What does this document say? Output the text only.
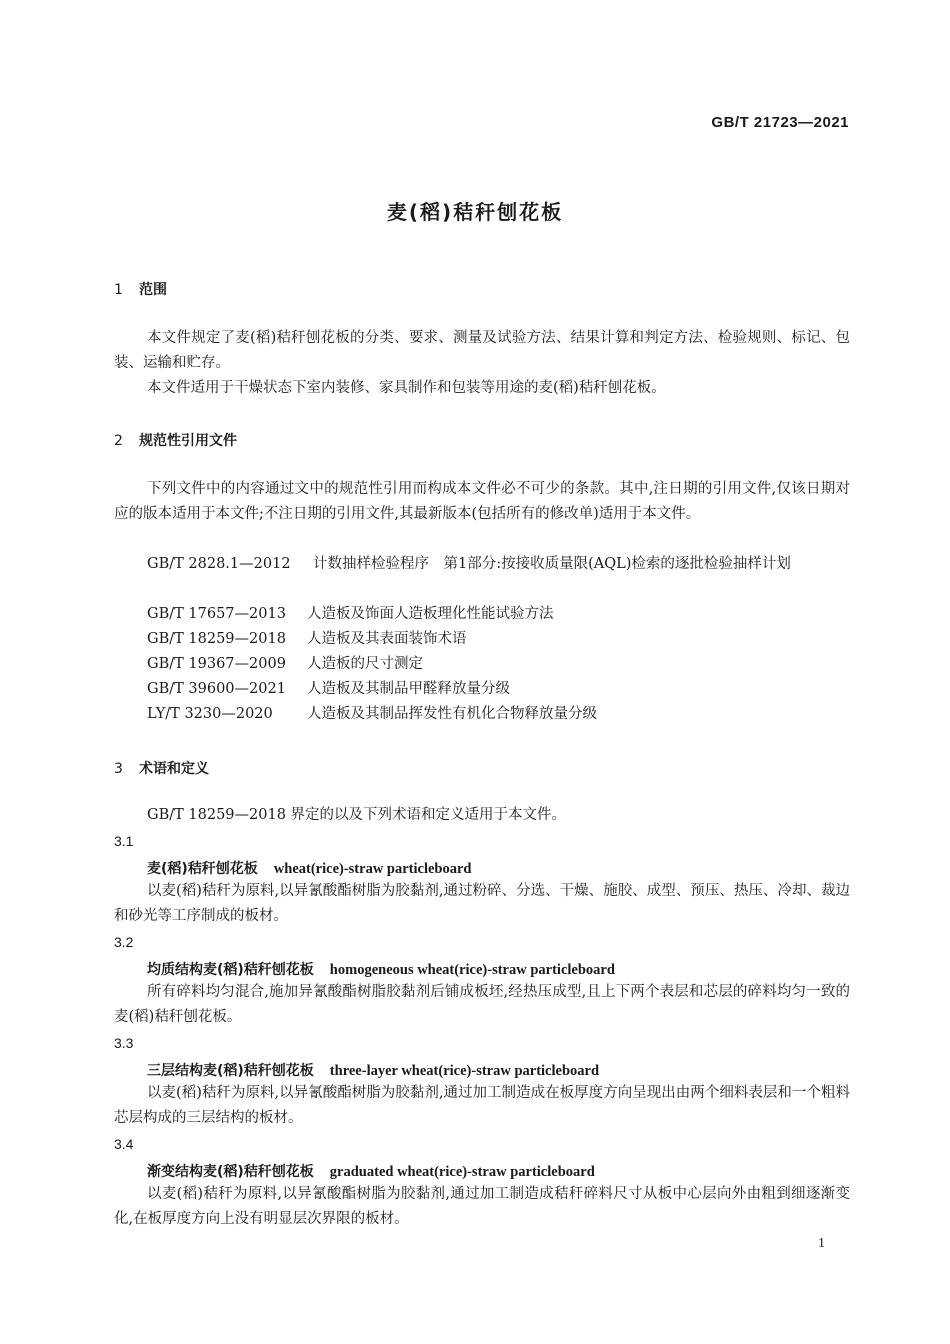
GB/T 21723—2021
麦(稻)秸秆刨花板
1 范围
本文件规定了麦(稻)秸秆刨花板的分类、要求、测量及试验方法、结果计算和判定方法、检验规则、标记、包装、运输和贮存。
本文件适用于干燥状态下室内装修、家具制作和包装等用途的麦(稻)秸秆刨花板。
2 规范性引用文件
下列文件中的内容通过文中的规范性引用而构成本文件必不可少的条款。其中,注日期的引用文件,仅该日期对应的版本适用于本文件;不注日期的引用文件,其最新版本(包括所有的修改单)适用于本文件。
GB/T 2828.1—2012 计数抽样检验程序　第1部分:按接收质量限(AQL)检索的逐批检验抽样计划
GB/T 17657—2013 人造板及饰面人造板理化性能试验方法
GB/T 18259—2018 人造板及其表面装饰术语
GB/T 19367—2009 人造板的尺寸测定
GB/T 39600—2021 人造板及其制品甲醛释放量分级
LY/T 3230—2020 人造板及其制品挥发性有机化合物释放量分级
3 术语和定义
GB/T 18259—2018 界定的以及下列术语和定义适用于本文件。
3.1
麦(稻)秸秆刨花板 wheat(rice)-straw particleboard
以麦(稻)秸秆为原料,以异氰酸酯树脂为胶黏剂,通过粉碎、分选、干燥、施胶、成型、预压、热压、冷却、裁边和砂光等工序制成的板材。
3.2
均质结构麦(稻)秸秆刨花板 homogeneous wheat(rice)-straw particleboard
所有碎料均匀混合,施加异氰酸酯树脂胶黏剂后铺成板坯,经热压成型,且上下两个表层和芯层的碎料均匀一致的麦(稻)秸秆刨花板。
3.3
三层结构麦(稻)秸秆刨花板 three-layer wheat(rice)-straw particleboard
以麦(稻)秸秆为原料,以异氰酸酯树脂为胶黏剂,通过加工制造成在板厚度方向呈现出由两个细料表层和一个粗料芯层构成的三层结构的板材。
3.4
渐变结构麦(稻)秸秆刨花板 graduated wheat(rice)-straw particleboard
以麦(稻)秸秆为原料,以异氰酸酯树脂为胶黏剂,通过加工制造成秸秆碎料尺寸从板中心层向外由粗到细逐渐变化,在板厚度方向上没有明显层次界限的板材。
1
